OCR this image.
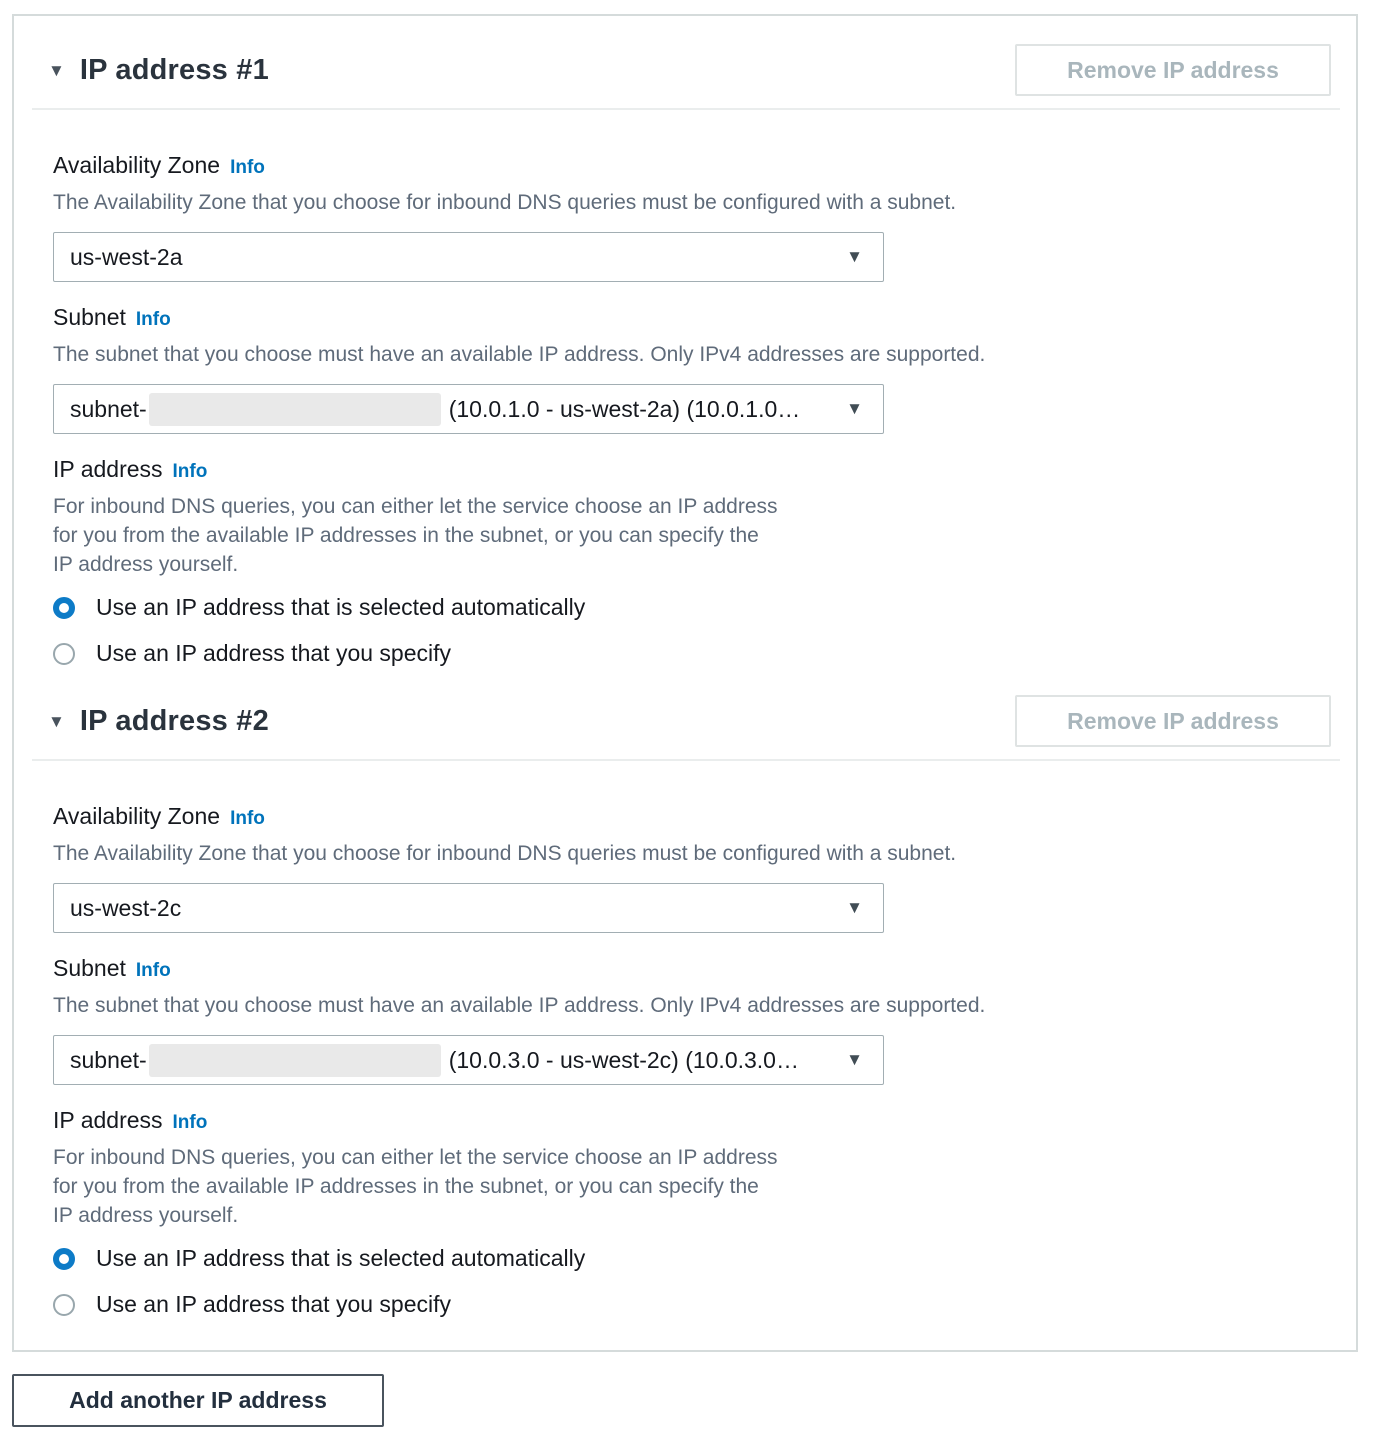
▼ IP address #1	Remove IP address
Availability Zone Info

The Availability Zone that you choose for inbound DNS queries must be configured with a subnet.

us-west-2a	▼
Subnet Info

The subnet that you choose must have an available IP address. Only IPv4 addresses are supported.

subnet-	(10.0.1.0 - us-west-2a) (10.0.1.0…	▼
IP address Info

For inbound DNS queries, you can either let the service choose an IP address
for you from the available IP addresses in the subnet, or you can specify the
IP address yourself.

Use an IP address that is selected automatically
Use an IP address that you specify
▼ IP address #2	Remove IP address
Availability Zone Info

The Availability Zone that you choose for inbound DNS queries must be configured with a subnet.

us-west-2c	▼
Subnet Info

The subnet that you choose must have an available IP address. Only IPv4 addresses are supported.

subnet-	(10.0.3.0 - us-west-2c) (10.0.3.0…	▼
IP address Info

For inbound DNS queries, you can either let the service choose an IP address
for you from the available IP addresses in the subnet, or you can specify the
IP address yourself.

Use an IP address that is selected automatically
Use an IP address that you specify
Add another IP address
